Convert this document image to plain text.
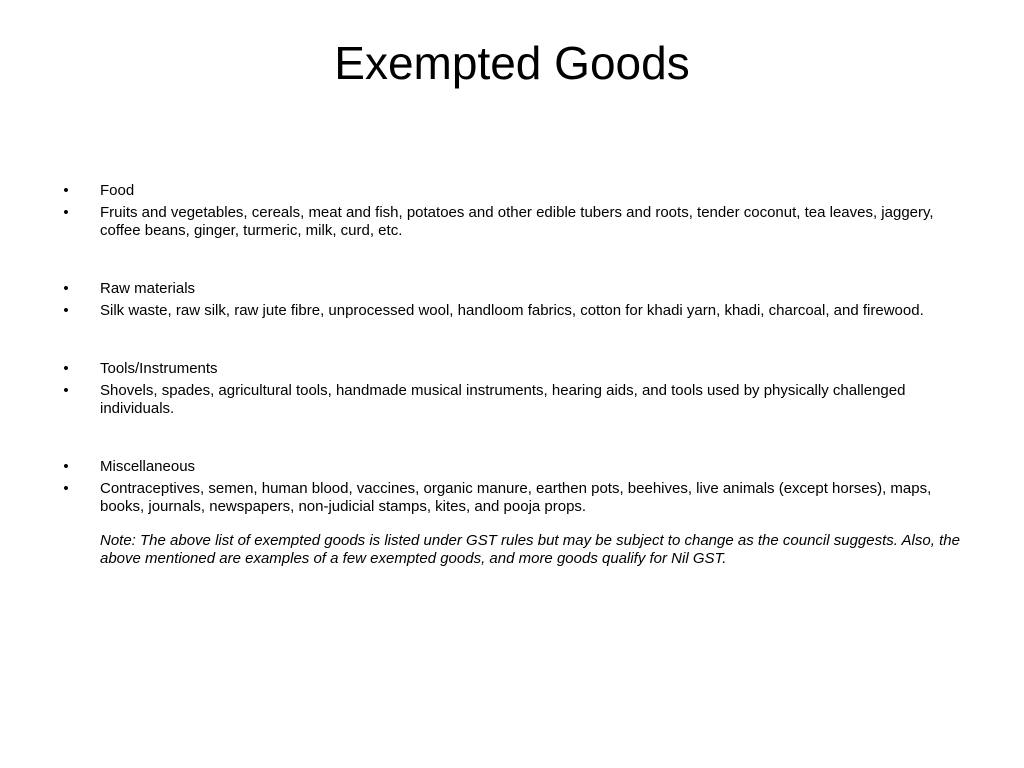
Exempted Goods
• Food
• Fruits and vegetables, cereals, meat and fish, potatoes and other edible tubers and roots, tender coconut, tea leaves, jaggery, coffee beans, ginger, turmeric, milk, curd, etc.
• Raw materials
• Silk waste, raw silk, raw jute fibre, unprocessed wool, handloom fabrics, cotton for khadi yarn, khadi, charcoal, and firewood.
• Tools/Instruments
• Shovels, spades, agricultural tools, handmade musical instruments, hearing aids, and tools used by physically challenged individuals.
• Miscellaneous
• Contraceptives, semen, human blood, vaccines, organic manure, earthen pots, beehives, live animals (except horses), maps, books, journals, newspapers, non-judicial stamps, kites, and pooja props.
Note: The above list of exempted goods is listed under GST rules but may be subject to change as the council suggests. Also, the above mentioned are examples of a few exempted goods, and more goods qualify for Nil GST.
